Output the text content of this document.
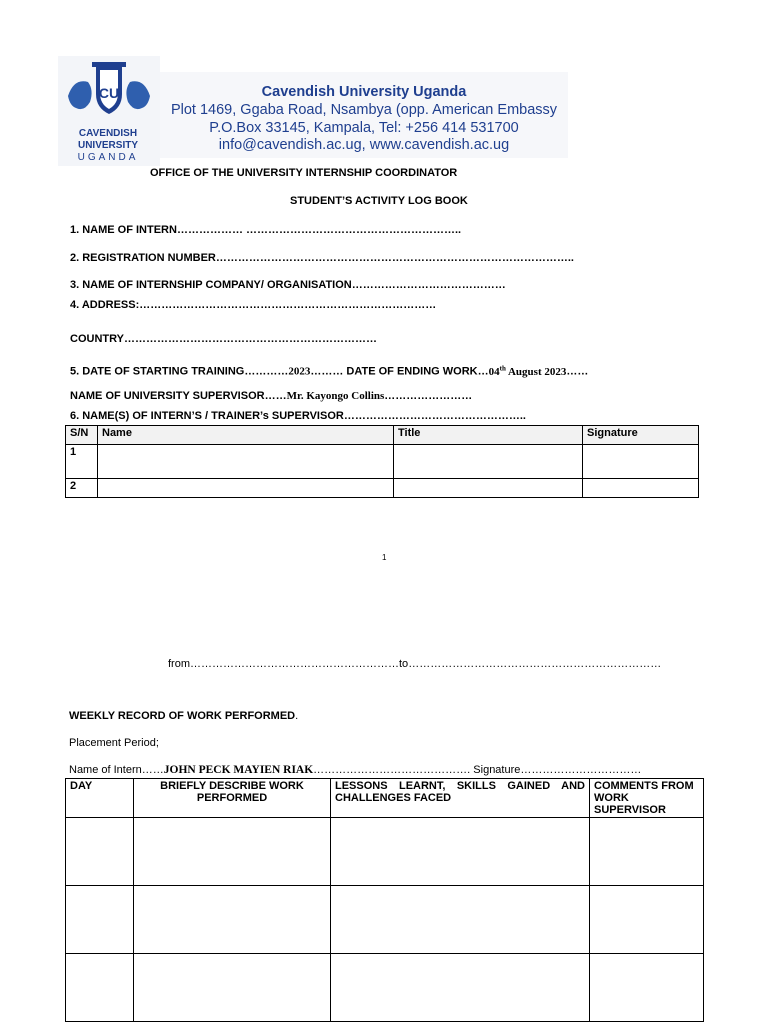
CU
CAVENDISH
UNIVERSITY
UGANDA
Cavendish University Uganda
Plot 1469, Ggaba Road, Nsambya (opp. American Embassy
P.O.Box 33145, Kampala, Tel: +256 414 531700
info@cavendish.ac.ug, www.cavendish.ac.ug
OFFICE OF THE UNIVERSITY INTERNSHIP COORDINATOR
STUDENT’S ACTIVITY LOG BOOK
1. NAME OF INTERN……………… …………………………………………………..
2. REGISTRATION NUMBER……………………………………………………………………………………..
3. NAME OF INTERNSHIP COMPANY/ ORGANISATION……………………………………
4. ADDRESS:………………………………………………………………………
COUNTRY……………………………………………………………
5. DATE OF STARTING TRAINING…………2023……… DATE OF ENDING WORK…04th August 2023……
NAME OF UNIVERSITY SUPERVISOR……Mr. Kayongo Collins……………………
6. NAME(S) OF INTERN’S / TRAINER’s SUPERVISOR…………………………………………..
S/N	Name	Title	Signature
1			
2			
1
from…………………………………………………to……………………………………………………………
WEEKLY RECORD OF WORK PERFORMED.
Placement Period;
Name of Intern……JOHN PECK MAYIEN RIAK……………………………………. Signature……………………………
DAY	BRIEFLY DESCRIBE WORK PERFORMED	LESSONS LEARNT, SKILLS GAINED AND CHALLENGES FACED	COMMENTS FROM WORK SUPERVISOR
